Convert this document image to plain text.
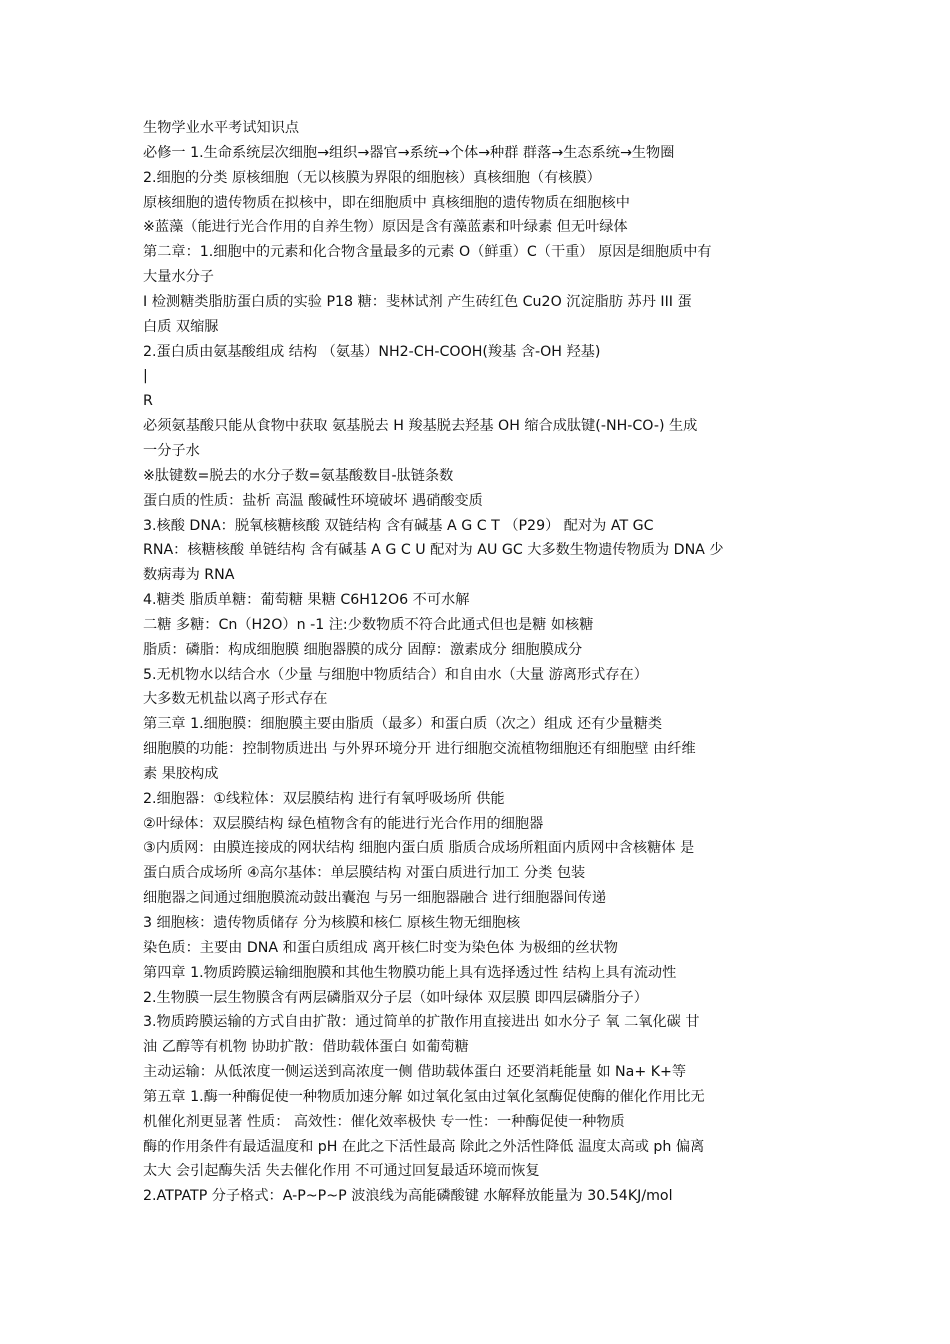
生物学业水平考试知识点
必修一 1.生命系统层次细胞→组织→器官→系统→个体→种群 群落→生态系统→生物圈
2.细胞的分类 原核细胞（无以核膜为界限的细胞核）真核细胞（有核膜）
原核细胞的遗传物质在拟核中，即在细胞质中 真核细胞的遗传物质在细胞核中
※蓝藻（能进行光合作用的自养生物）原因是含有藻蓝素和叶绿素 但无叶绿体
第二章：1.细胞中的元素和化合物含量最多的元素 O（鲜重）C（干重） 原因是细胞质中有
大量水分子
I 检测糖类脂肪蛋白质的实验 P18 糖：斐林试剂 产生砖红色 Cu2O 沉淀脂肪 苏丹 III 蛋
白质 双缩脲
2.蛋白质由氨基酸组成 结构 （氨基）NH2-CH-COOH(羧基 含-OH 羟基)
|
R
必须氨基酸只能从食物中获取 氨基脱去 H 羧基脱去羟基 OH 缩合成肽键(-NH-CO-) 生成
一分子水
※肽键数=脱去的水分子数=氨基酸数目-肽链条数
蛋白质的性质：盐析 高温 酸碱性环境破坏 遇硝酸变质
3.核酸 DNA：脱氧核糖核酸 双链结构 含有碱基 A G C T （P29） 配对为 AT GC
RNA：核糖核酸 单链结构 含有碱基 A G C U 配对为 AU GC 大多数生物遗传物质为 DNA 少
数病毒为 RNA
4.糖类 脂质单糖：葡萄糖 果糖 C6H12O6 不可水解
二糖 多糖：Cn（H2O）n -1 注:少数物质不符合此通式但也是糖 如核糖
脂质：磷脂：构成细胞膜 细胞器膜的成分 固醇：激素成分 细胞膜成分
5.无机物水以结合水（少量 与细胞中物质结合）和自由水（大量 游离形式存在）
大多数无机盐以离子形式存在
第三章 1.细胞膜：细胞膜主要由脂质（最多）和蛋白质（次之）组成 还有少量糖类
细胞膜的功能：控制物质进出 与外界环境分开 进行细胞交流植物细胞还有细胞壁 由纤维
素 果胶构成
2.细胞器：①线粒体：双层膜结构 进行有氧呼吸场所 供能
②叶绿体：双层膜结构 绿色植物含有的能进行光合作用的细胞器
③内质网：由膜连接成的网状结构 细胞内蛋白质 脂质合成场所粗面内质网中含核糖体 是
蛋白质合成场所 ④高尔基体：单层膜结构 对蛋白质进行加工 分类 包装
细胞器之间通过细胞膜流动鼓出囊泡 与另一细胞器融合 进行细胞器间传递
3 细胞核：遗传物质储存 分为核膜和核仁 原核生物无细胞核
染色质：主要由 DNA 和蛋白质组成 离开核仁时变为染色体 为极细的丝状物
第四章 1.物质跨膜运输细胞膜和其他生物膜功能上具有选择透过性 结构上具有流动性
2.生物膜一层生物膜含有两层磷脂双分子层（如叶绿体 双层膜 即四层磷脂分子）
3.物质跨膜运输的方式自由扩散：通过简单的扩散作用直接进出 如水分子 氧 二氧化碳 甘
油 乙醇等有机物 协助扩散：借助载体蛋白 如葡萄糖
主动运输：从低浓度一侧运送到高浓度一侧 借助载体蛋白 还要消耗能量 如 Na+ K+等
第五章 1.酶一种酶促使一种物质加速分解 如过氧化氢由过氧化氢酶促使酶的催化作用比无
机催化剂更显著 性质： 高效性：催化效率极快 专一性：一种酶促使一种物质
酶的作用条件有最适温度和 pH 在此之下活性最高 除此之外活性降低 温度太高或 ph 偏离
太大 会引起酶失活 失去催化作用 不可通过回复最适环境而恢复
2.ATPATP 分子格式：A-P~P~P 波浪线为高能磷酸键 水解释放能量为 30.54KJ/mol
